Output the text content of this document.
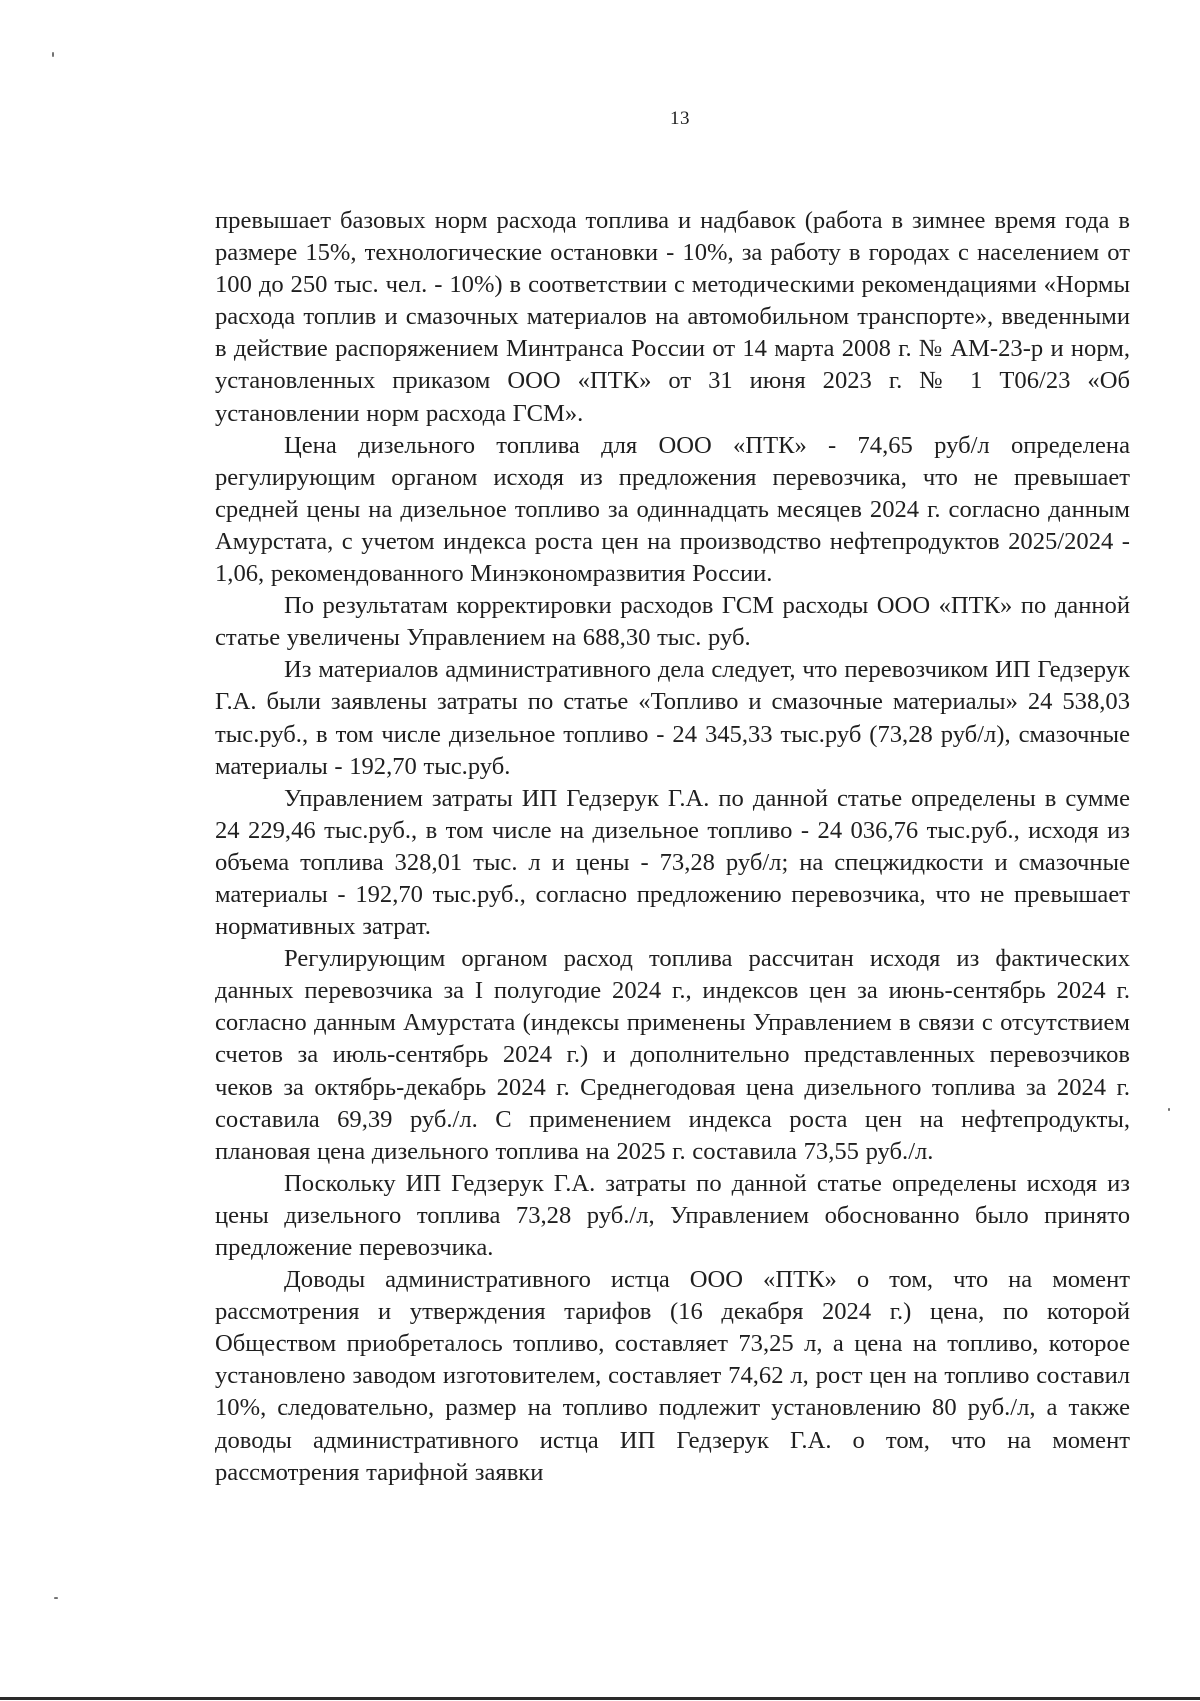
13

превышает базовых норм расхода топлива и надбавок (работа в зимнее время года в размере 15%, технологические остановки - 10%, за работу в городах с населением от 100 до 250 тыс. чел. - 10%) в соответствии с методическими рекомендациями «Нормы расхода топлив и смазочных материалов на автомобильном транспорте», введенными в действие распоряжением Минтранса России от 14 марта 2008 г. № АМ-23-р и норм, установленных приказом ООО «ПТК» от 31 июня 2023 г. № 1 Т06/23 «Об установлении норм расхода ГСМ».

Цена дизельного топлива для ООО «ПТК» - 74,65 руб/л определена регулирующим органом исходя из предложения перевозчика, что не превышает средней цены на дизельное топливо за одиннадцать месяцев 2024 г. согласно данным Амурстата, с учетом индекса роста цен на производство нефтепродуктов 2025/2024 - 1,06, рекомендованного Минэкономразвития России.

По результатам корректировки расходов ГСМ расходы ООО «ПТК» по данной статье увеличены Управлением на 688,30 тыс. руб.

Из материалов административного дела следует, что перевозчиком ИП Гедзерук Г.А. были заявлены затраты по статье «Топливо и смазочные материалы» 24 538,03 тыс.руб., в том числе дизельное топливо - 24 345,33 тыс.руб (73,28 руб/л), смазочные материалы - 192,70 тыс.руб.

Управлением затраты ИП Гедзерук Г.А. по данной статье определены в сумме 24 229,46 тыс.руб., в том числе на дизельное топливо - 24 036,76 тыс.руб., исходя из объема топлива 328,01 тыс. л и цены - 73,28 руб/л; на спецжидкости и смазочные материалы - 192,70 тыс.руб., согласно предложению перевозчика, что не превышает нормативных затрат.

Регулирующим органом расход топлива рассчитан исходя из фактических данных перевозчика за I полугодие 2024 г., индексов цен за июнь-сентябрь 2024 г. согласно данным Амурстата (индексы применены Управлением в связи с отсутствием счетов за июль-сентябрь 2024 г.) и дополнительно представленных перевозчиков чеков за октябрь-декабрь 2024 г. Среднегодовая цена дизельного топлива за 2024 г. составила 69,39 руб./л. С применением индекса роста цен на нефтепродукты, плановая цена дизельного топлива на 2025 г. составила 73,55 руб./л.

Поскольку ИП Гедзерук Г.А. затраты по данной статье определены исходя из цены дизельного топлива 73,28 руб./л, Управлением обоснованно было принято предложение перевозчика.

Доводы административного истца ООО «ПТК» о том, что на момент рассмотрения и утверждения тарифов (16 декабря 2024 г.) цена, по которой Обществом приобреталось топливо, составляет 73,25 л, а цена на топливо, которое установлено заводом изготовителем, составляет 74,62 л, рост цен на топливо составил 10%, следовательно, размер на топливо подлежит установлению 80 руб./л, а также доводы административного истца ИП Гедзерук Г.А. о том, что на момент рассмотрения тарифной заявки
